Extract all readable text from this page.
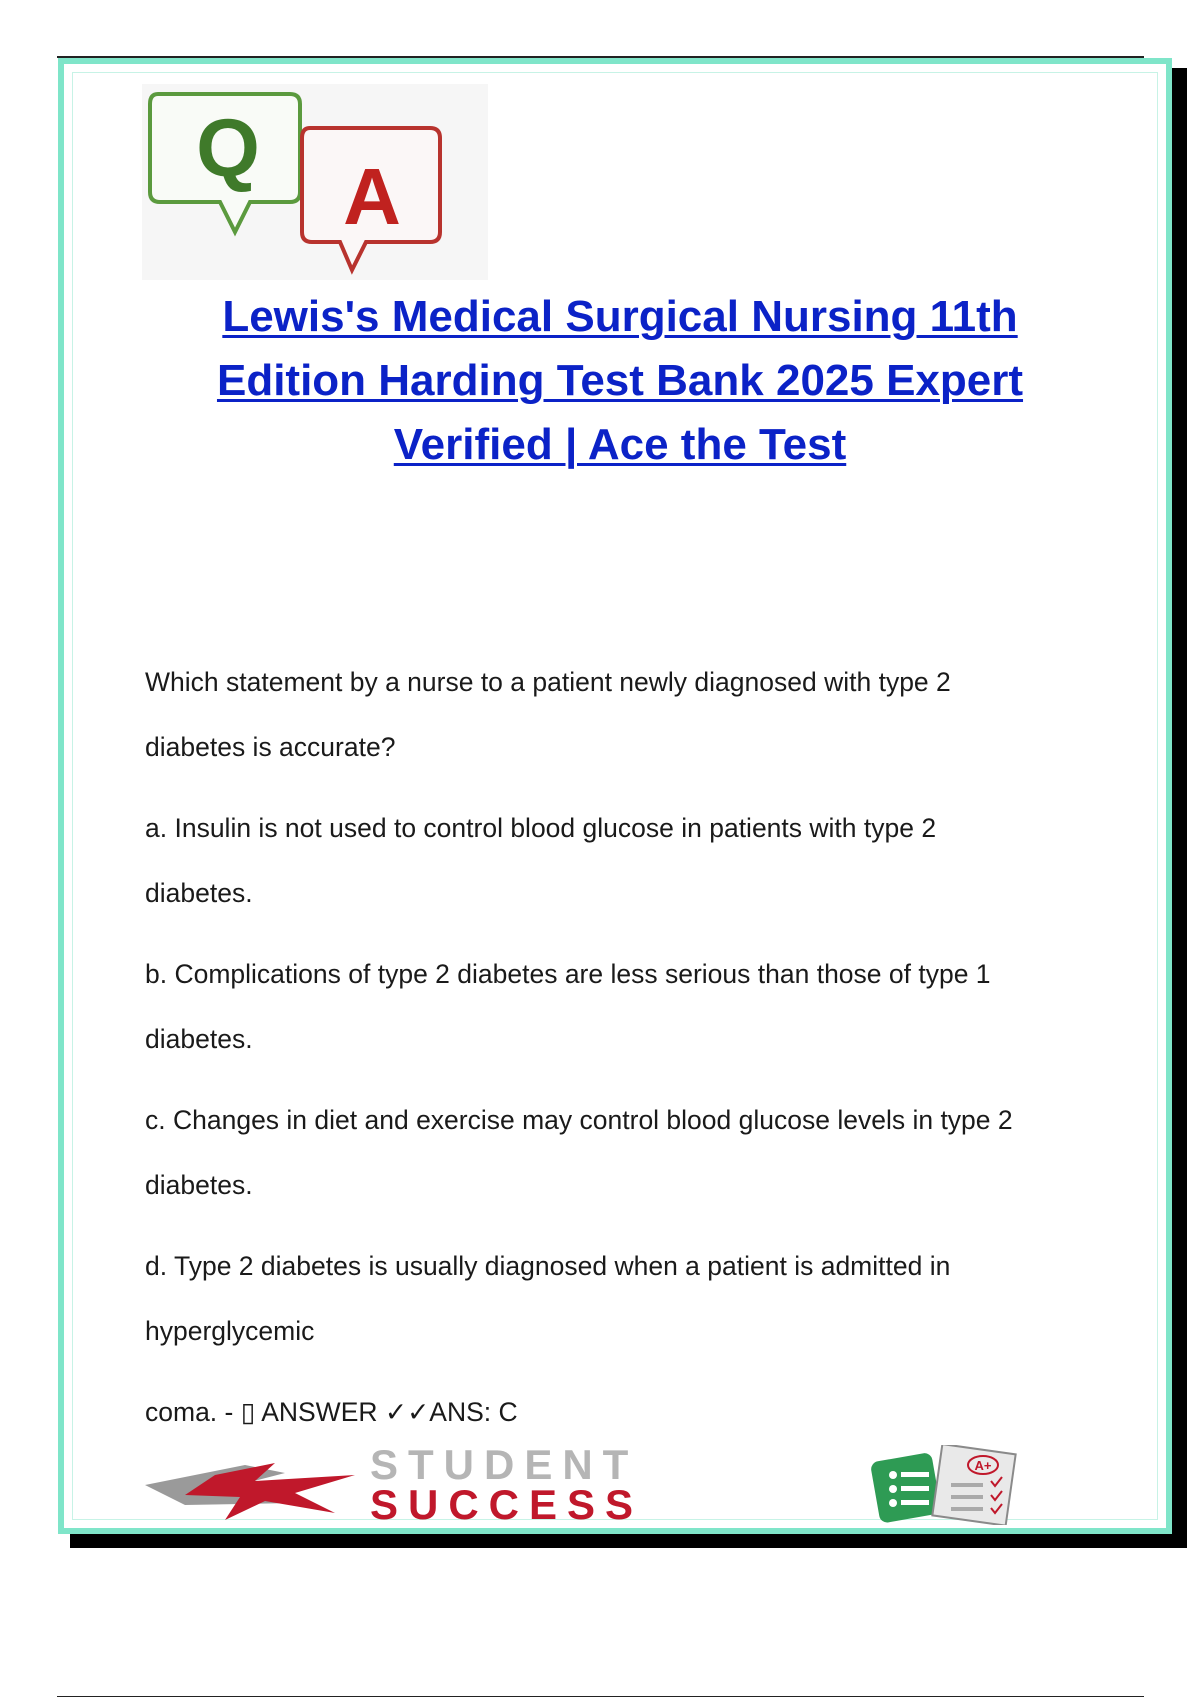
Q
A
Lewis's Medical Surgical Nursing 11th Edition Harding Test Bank 2025 Expert Verified | Ace the Test

Which statement by a nurse to a patient newly diagnosed with type 2
diabetes is accurate?

a. Insulin is not used to control blood glucose in patients with type 2
diabetes.

b. Complications of type 2 diabetes are less serious than those of type 1
diabetes.

c. Changes in diet and exercise may control blood glucose levels in type 2
diabetes.

d. Type 2 diabetes is usually diagnosed when a patient is admitted in
hyperglycemic

coma. - ▯ ANSWER ✓✓ANS: C

STUDENT
SUCCESS
A+
